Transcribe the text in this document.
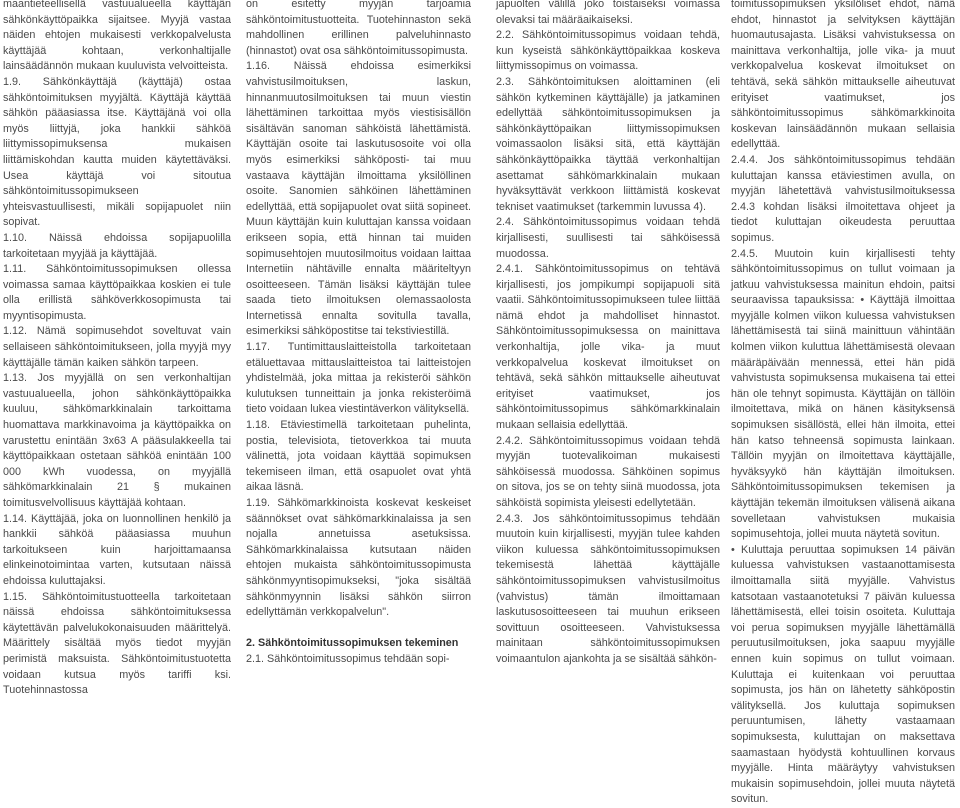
maantieteellisellä vastuualueella käyttäjän sähkönkäyttöpaikka sijaitsee. Myyjä vastaa näiden ehtojen mukaisesti verkkopalvelusta käyttäjää kohtaan, verkonhaltijalle lainsäädännön mukaan kuuluvista velvoitteista.

1.9. Sähkönkäyttäjä (käyttäjä) ostaa sähköntoimituksen myyjältä. Käyttäjä käyttää sähkön pääasiassa itse. Käyttäjänä voi olla myös liittyjä, joka hankkii sähköä liittymissopimuksensa mukaisen liittämiskohdan kautta muiden käytettäväksi. Usea käyttäjä voi sitoutua sähköntoimitussopimukseen yhteisvastuullisesti, mikäli sopijapuolet niin sopivat.

1.10. Näissä ehdoissa sopijapuolilla tarkoitetaan myyjää ja käyttäjää.

1.11. Sähköntoimitussopimuksen ollessa voimassa samaa käyttöpaikkaa koskien ei tule olla erillistä sähköverkkosopimusta tai myyntisopimusta.

1.12. Nämä sopimusehdot soveltuvat vain sellaiseen sähköntoimitukseen, jolla myyjä myy käyttäjälle tämän kaiken sähkön tarpeen.

1.13. Jos myyjällä on sen verkonhaltijan vastuualueella, johon sähkönkäyttöpaikka kuuluu, sähkömarkkinalain tarkoittama huomattava markkinavoima ja käyttöpaikka on varustettu enintään 3x63 A pääsulakkeella tai käyttöpaikkaan ostetaan sähköä enintään 100 000 kWh vuodessa, on myyjällä sähkömarkkinalain 21 § mukainen toimitusvelvollisuus käyttäjää kohtaan.

1.14. Käyttäjää, joka on luonnollinen henkilö ja hankkii sähköä pääasiassa muuhun tarkoitukseen kuin harjoittamaansa elinkeinotoimintaa varten, kutsutaan näissä ehdoissa kuluttajaksi.

1.15. Sähköntoimitustuotteella tarkoitetaan näissä ehdoissa sähköntoimituksessa käytettävän palvelukokonaisuuden määrittelyä. Määrittely sisältää myös tiedot myyjän perimistä maksuista. Sähköntoimitustuotetta voidaan kutsua myös tariffi ksi. Tuotehinnastossa

on esitetty myyjän tarjoamia sähköntoimitustuotteita. Tuotehinnaston sekä mahdollinen erillinen palveluhinnasto (hinnastot) ovat osa sähköntoimitussopimusta.

1.16. Näissä ehdoissa esimerkiksi vahvistusilmoituksen, laskun, hinnanmuutosilmoituksen tai muun viestin lähettäminen tarkoittaa myös viestisisällön sisältävän sanoman sähköistä lähettämistä. Käyttäjän osoite tai laskutusosoite voi olla myös esimerkiksi sähköposti- tai muu vastaava käyttäjän ilmoittama yksilöllinen osoite. Sanomien sähköinen lähettäminen edellyttää, että sopijapuolet ovat siitä sopineet. Muun käyttäjän kuin kuluttajan kanssa voidaan erikseen sopia, että hinnan tai muiden sopimusehtojen muutosilmoitus voidaan laittaa Internetiin nähtäville ennalta määriteltyyn osoitteeseen. Tämän lisäksi käyttäjän tulee saada tieto ilmoituksen olemassaolosta Internetissä ennalta sovitulla tavalla, esimerkiksi sähköpostitse tai tekstiviestillä.

1.17. Tuntimittauslaitteistolla tarkoitetaan etäluettavaa mittauslaitteistoa tai laitteistojen yhdistelmää, joka mittaa ja rekisteröi sähkön kulutuksen tunneittain ja jonka rekisteröimä tieto voidaan lukea viestintäverkon välityksellä.

1.18. Etäviestimellä tarkoitetaan puhelinta, postia, televisiota, tietoverkkoa tai muuta välinettä, jota voidaan käyttää sopimuksen tekemiseen ilman, että osapuolet ovat yhtä aikaa läsnä.

1.19. Sähkömarkkinoista koskevat keskeiset säännökset ovat sähkömarkkinalaissa ja sen nojalla annetuissa asetuksissa. Sähkömarkkinalaissa kutsutaan näiden ehtojen mukaista sähköntoimitussopimusta sähkönmyyntisopimukseksi, "joka sisältää sähkönmyynnin lisäksi sähkön siirron edellyttämän verkkopalvelun".

2. Sähköntoimitussopimuksen tekeminen

2.1. Sähköntoimitussopimus tehdään sopi-

japuolten välillä joko toistaiseksi voimassa olevaksi tai määräaikaiseksi.

2.2. Sähköntoimitussopimus voidaan tehdä, kun kyseistä sähkönkäyttöpaikkaa koskeva liittymissopimus on voimassa.

2.3. Sähköntoimituksen aloittaminen (eli sähkön kytkeminen käyttäjälle) ja jatkaminen edellyttää sähköntoimitussopimuksen ja sähkönkäyttöpaikan liittymissopimuksen voimassaolon lisäksi sitä, että käyttäjän sähkönkäyttöpaikka täyttää verkonhaltijan asettamat sähkömarkkinalain mukaan hyväksyttävät verkkoon liittämistä koskevat tekniset vaatimukset (tarkemmin luvussa 4).

2.4. Sähköntoimitussopimus voidaan tehdä kirjallisesti, suullisesti tai sähköisessä muodossa.

2.4.1. Sähköntoimitussopimus on tehtävä kirjallisesti, jos jompikumpi sopijapuoli sitä vaatii. Sähköntoimitussopimukseen tulee liittää nämä ehdot ja mahdolliset hinnastot. Sähköntoimitussopimuksessa on mainittava verkonhaltija, jolle vika- ja muut verkkopalvelua koskevat ilmoitukset on tehtävä, sekä sähkön mittaukselle aiheutuvat erityiset vaatimukset, jos sähköntoimitussopimus sähkömarkkinalain mukaan sellaisia edellyttää.

2.4.2. Sähköntoimitussopimus voidaan tehdä myyjän tuotevalikoiman mukaisesti sähköisessä muodossa. Sähköinen sopimus on sitova, jos se on tehty siinä muodossa, jota sähköistä sopimista yleisesti edellytetään.

2.4.3. Jos sähköntoimitussopimus tehdään muutoin kuin kirjallisesti, myyjän tulee kahden viikon kuluessa sähköntoimitussopimuksen tekemisestä lähettää käyttäjälle sähköntoimitussopimuksen vahvistusilmoitus (vahvistus) tämän ilmoittamaan laskutusosoitteeseen tai muuhun erikseen sovittuun osoitteeseen. Vahvistuksessa mainitaan sähköntoimitussopimuksen voimaantulon ajankohta ja se sisältää sähkön-

toimitussopimuksen yksilöliset ehdot, nämä ehdot, hinnastot ja selvityksen käyttäjän huomautusajasta. Lisäksi vahvistuksessa on mainittava verkonhaltija, jolle vika- ja muut verkkopalvelua koskevat ilmoitukset on tehtävä, sekä sähkön mittaukselle aiheutuvat erityiset vaatimukset, jos sähköntoimitussopimus sähkömarkkinoita koskevan lainsäädännön mukaan sellaisia edellyttää.

2.4.4. Jos sähköntoimitussopimus tehdään kuluttajan kanssa etäviestimen avulla, on myyjän lähetettävä vahvistusilmoituksessa 2.4.3 kohdan lisäksi ilmoitettava ohjeet ja tiedot kuluttajan oikeudesta peruuttaa sopimus.

2.4.5. Muutoin kuin kirjallisesti tehty sähköntoimitussopimus on tullut voimaan ja jatkuu vahvistuksessa mainitun ehdoin, paitsi seuraavissa tapauksissa: • Käyttäjä ilmoittaa myyjälle kolmen viikon kuluessa vahvistuksen lähettämisestä tai siinä mainittuun vähintään kolmen viikon kuluttua lähettämisestä olevaan määräpäivään mennessä, ettei hän pidä vahvistusta sopimuksensa mukaisena tai ettei hän ole tehnyt sopimusta. Käyttäjän on tällöin ilmoitettava, mikä on hänen käsityksensä sopimuksen sisällöstä, ellei hän ilmoita, ettei hän katso tehneensä sopimusta lainkaan. Tällöin myyjän on ilmoitettava käyttäjälle, hyväksyykö hän käyttäjän ilmoituksen. Sähköntoimitussopimuksen tekemisen ja käyttäjän tekemän ilmoituksen välisenä aikana sovelletaan vahvistuksen mukaisia sopimusehtoja, jollei muuta näytetä sovitun.

• Kuluttaja peruuttaa sopimuksen 14 päivän kuluessa vahvistuksen vastaanottamisesta ilmoittamalla siitä myyjälle. Vahvistus katsotaan vastaanotetuksi 7 päivän kuluessa lähettämisestä, ellei toisin osoiteta. Kuluttaja voi perua sopimuksen myyjälle lähettämällä peruutusilmoituksen, joka saapuu myyjälle ennen kuin sopimus on tullut voimaan. Kuluttaja ei kuitenkaan voi peruuttaa sopimusta, jos hän on lähetetty sähköpostin välityksellä. Jos kuluttaja sopimuksen peruuntumisen, lähetty vastaamaan sopimuksesta, kuluttajan on maksettava saamastaan hyödystä kohtuullinen korvaus myyjälle. Hinta määräytyy vahvistuksen mukaisin sopimusehdoin, jollei muuta näytetä sovitun.
